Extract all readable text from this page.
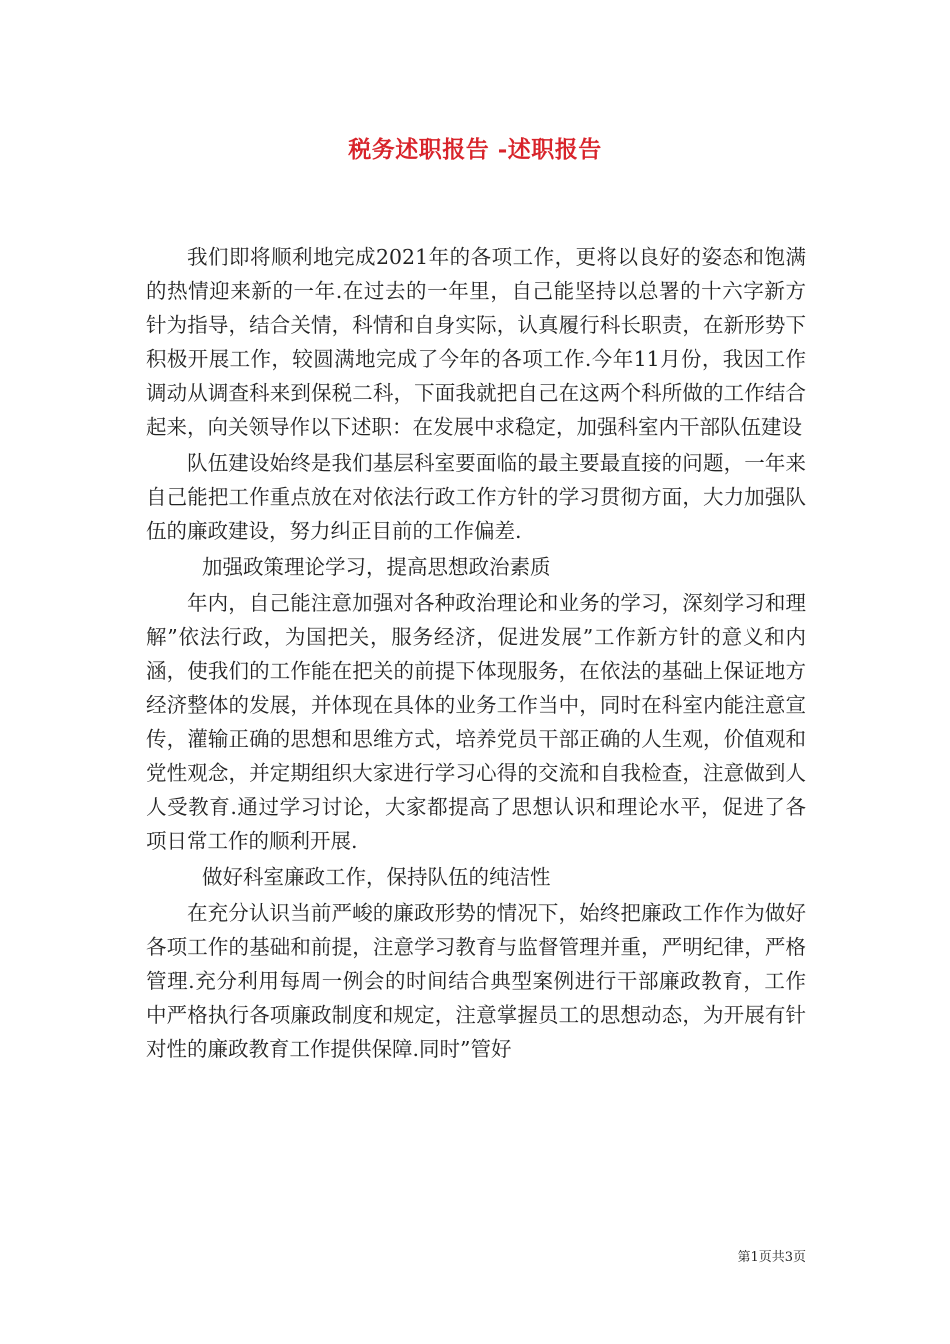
税务述职报告 -述职报告

我们即将顺利地完成2021年的各项工作，更将以良好的姿态和饱满的热情迎来新的一年.在过去的一年里，自己能坚持以总署的十六字新方针为指导，结合关情，科情和自身实际，认真履行科长职责，在新形势下积极开展工作，较圆满地完成了今年的各项工作.今年11月份，我因工作调动从调查科来到保税二科，下面我就把自己在这两个科所做的工作结合起来，向关领导作以下述职：在发展中求稳定，加强科室内干部队伍建设

队伍建设始终是我们基层科室要面临的最主要最直接的问题，一年来自己能把工作重点放在对依法行政工作方针的学习贯彻方面，大力加强队伍的廉政建设，努力纠正目前的工作偏差.

加强政策理论学习，提高思想政治素质

年内，自己能注意加强对各种政治理论和业务的学习，深刻学习和理解”依法行政，为国把关，服务经济，促进发展”工作新方针的意义和内涵，使我们的工作能在把关的前提下体现服务，在依法的基础上保证地方经济整体的发展，并体现在具体的业务工作当中，同时在科室内能注意宣传，灌输正确的思想和思维方式，培养党员干部正确的人生观，价值观和党性观念，并定期组织大家进行学习心得的交流和自我检查，注意做到人人受教育.通过学习讨论，大家都提高了思想认识和理论水平，促进了各项日常工作的顺利开展.

做好科室廉政工作，保持队伍的纯洁性

在充分认识当前严峻的廉政形势的情况下，始终把廉政工作作为做好各项工作的基础和前提，注意学习教育与监督管理并重，严明纪律，严格管理.充分利用每周一例会的时间结合典型案例进行干部廉政教育，工作中严格执行各项廉政制度和规定，注意掌握员工的思想动态，为开展有针对性的廉政教育工作提供保障.同时”管好

第1页共3页
